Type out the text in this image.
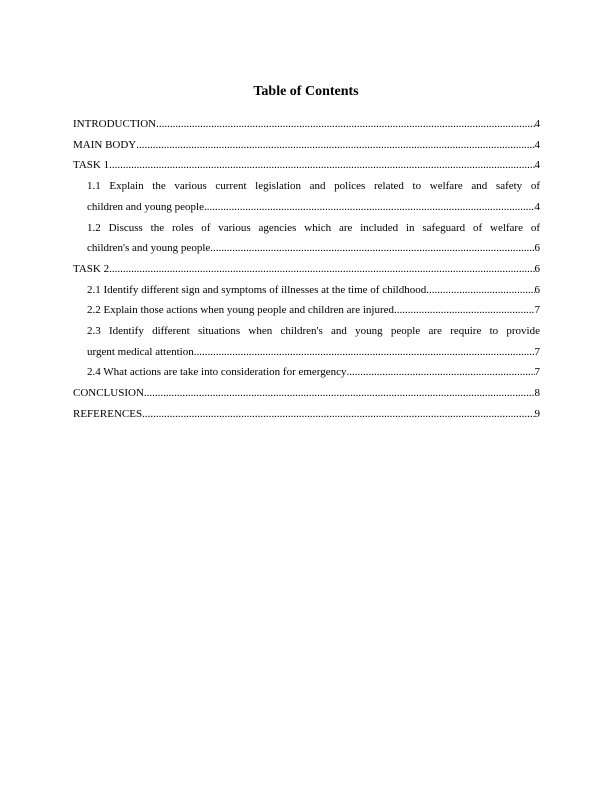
Table of Contents
INTRODUCTION .....	4
MAIN BODY .....	4
TASK 1 .....	4
1.1 Explain the various current legislation and polices related to welfare and safety of
children and young people .....	4
1.2 Discuss the roles of various agencies which are included in safeguard of welfare of
children's and young people .....	6
TASK 2 .....	6
2.1 Identify different sign and symptoms of illnesses at the time of childhood .....	6
2.2 Explain those actions when young people and children are injured .....	7
2.3 Identify different situations when children's and young people are require to provide
urgent medical attention. .....	7
2.4 What actions are take into consideration for emergency .....	7
CONCLUSION .....	8
REFERENCES .....	9
